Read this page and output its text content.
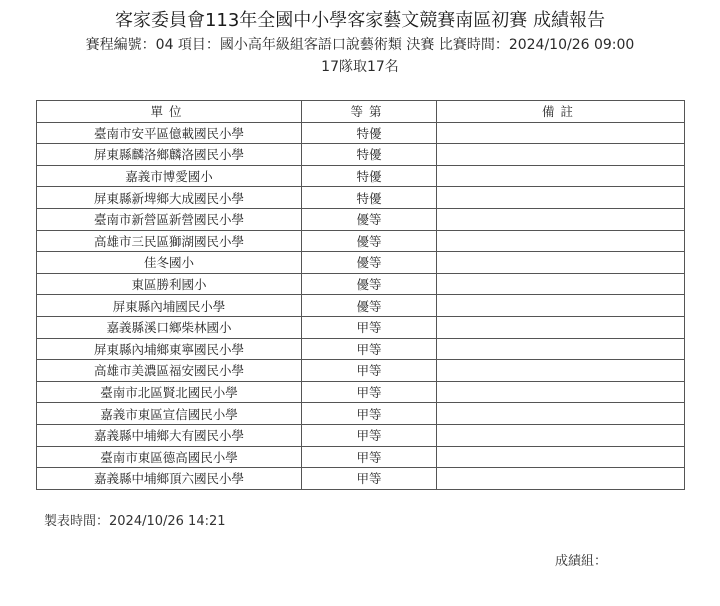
客家委員會113年全國中小學客家藝文競賽南區初賽 成績報告
賽程編號：04 項目：國小高年級組客語口說藝術類 決賽 比賽時間：2024/10/26 09:00
17隊取17名
單位	等第	備註
臺南市安平區億載國民小學	特優	
屏東縣麟洛鄉麟洛國民小學	特優	
嘉義市博愛國小	特優	
屏東縣新埤鄉大成國民小學	特優	
臺南市新營區新營國民小學	優等	
高雄市三民區獅湖國民小學	優等	
佳冬國小	優等	
東區勝利國小	優等	
屏東縣內埔國民小學	優等	
嘉義縣溪口鄉柴林國小	甲等	
屏東縣內埔鄉東寧國民小學	甲等	
高雄市美濃區福安國民小學	甲等	
臺南市北區賢北國民小學	甲等	
嘉義市東區宣信國民小學	甲等	
嘉義縣中埔鄉大有國民小學	甲等	
臺南市東區德高國民小學	甲等	
嘉義縣中埔鄉頂六國民小學	甲等	
製表時間：2024/10/26 14:21
成績組：
